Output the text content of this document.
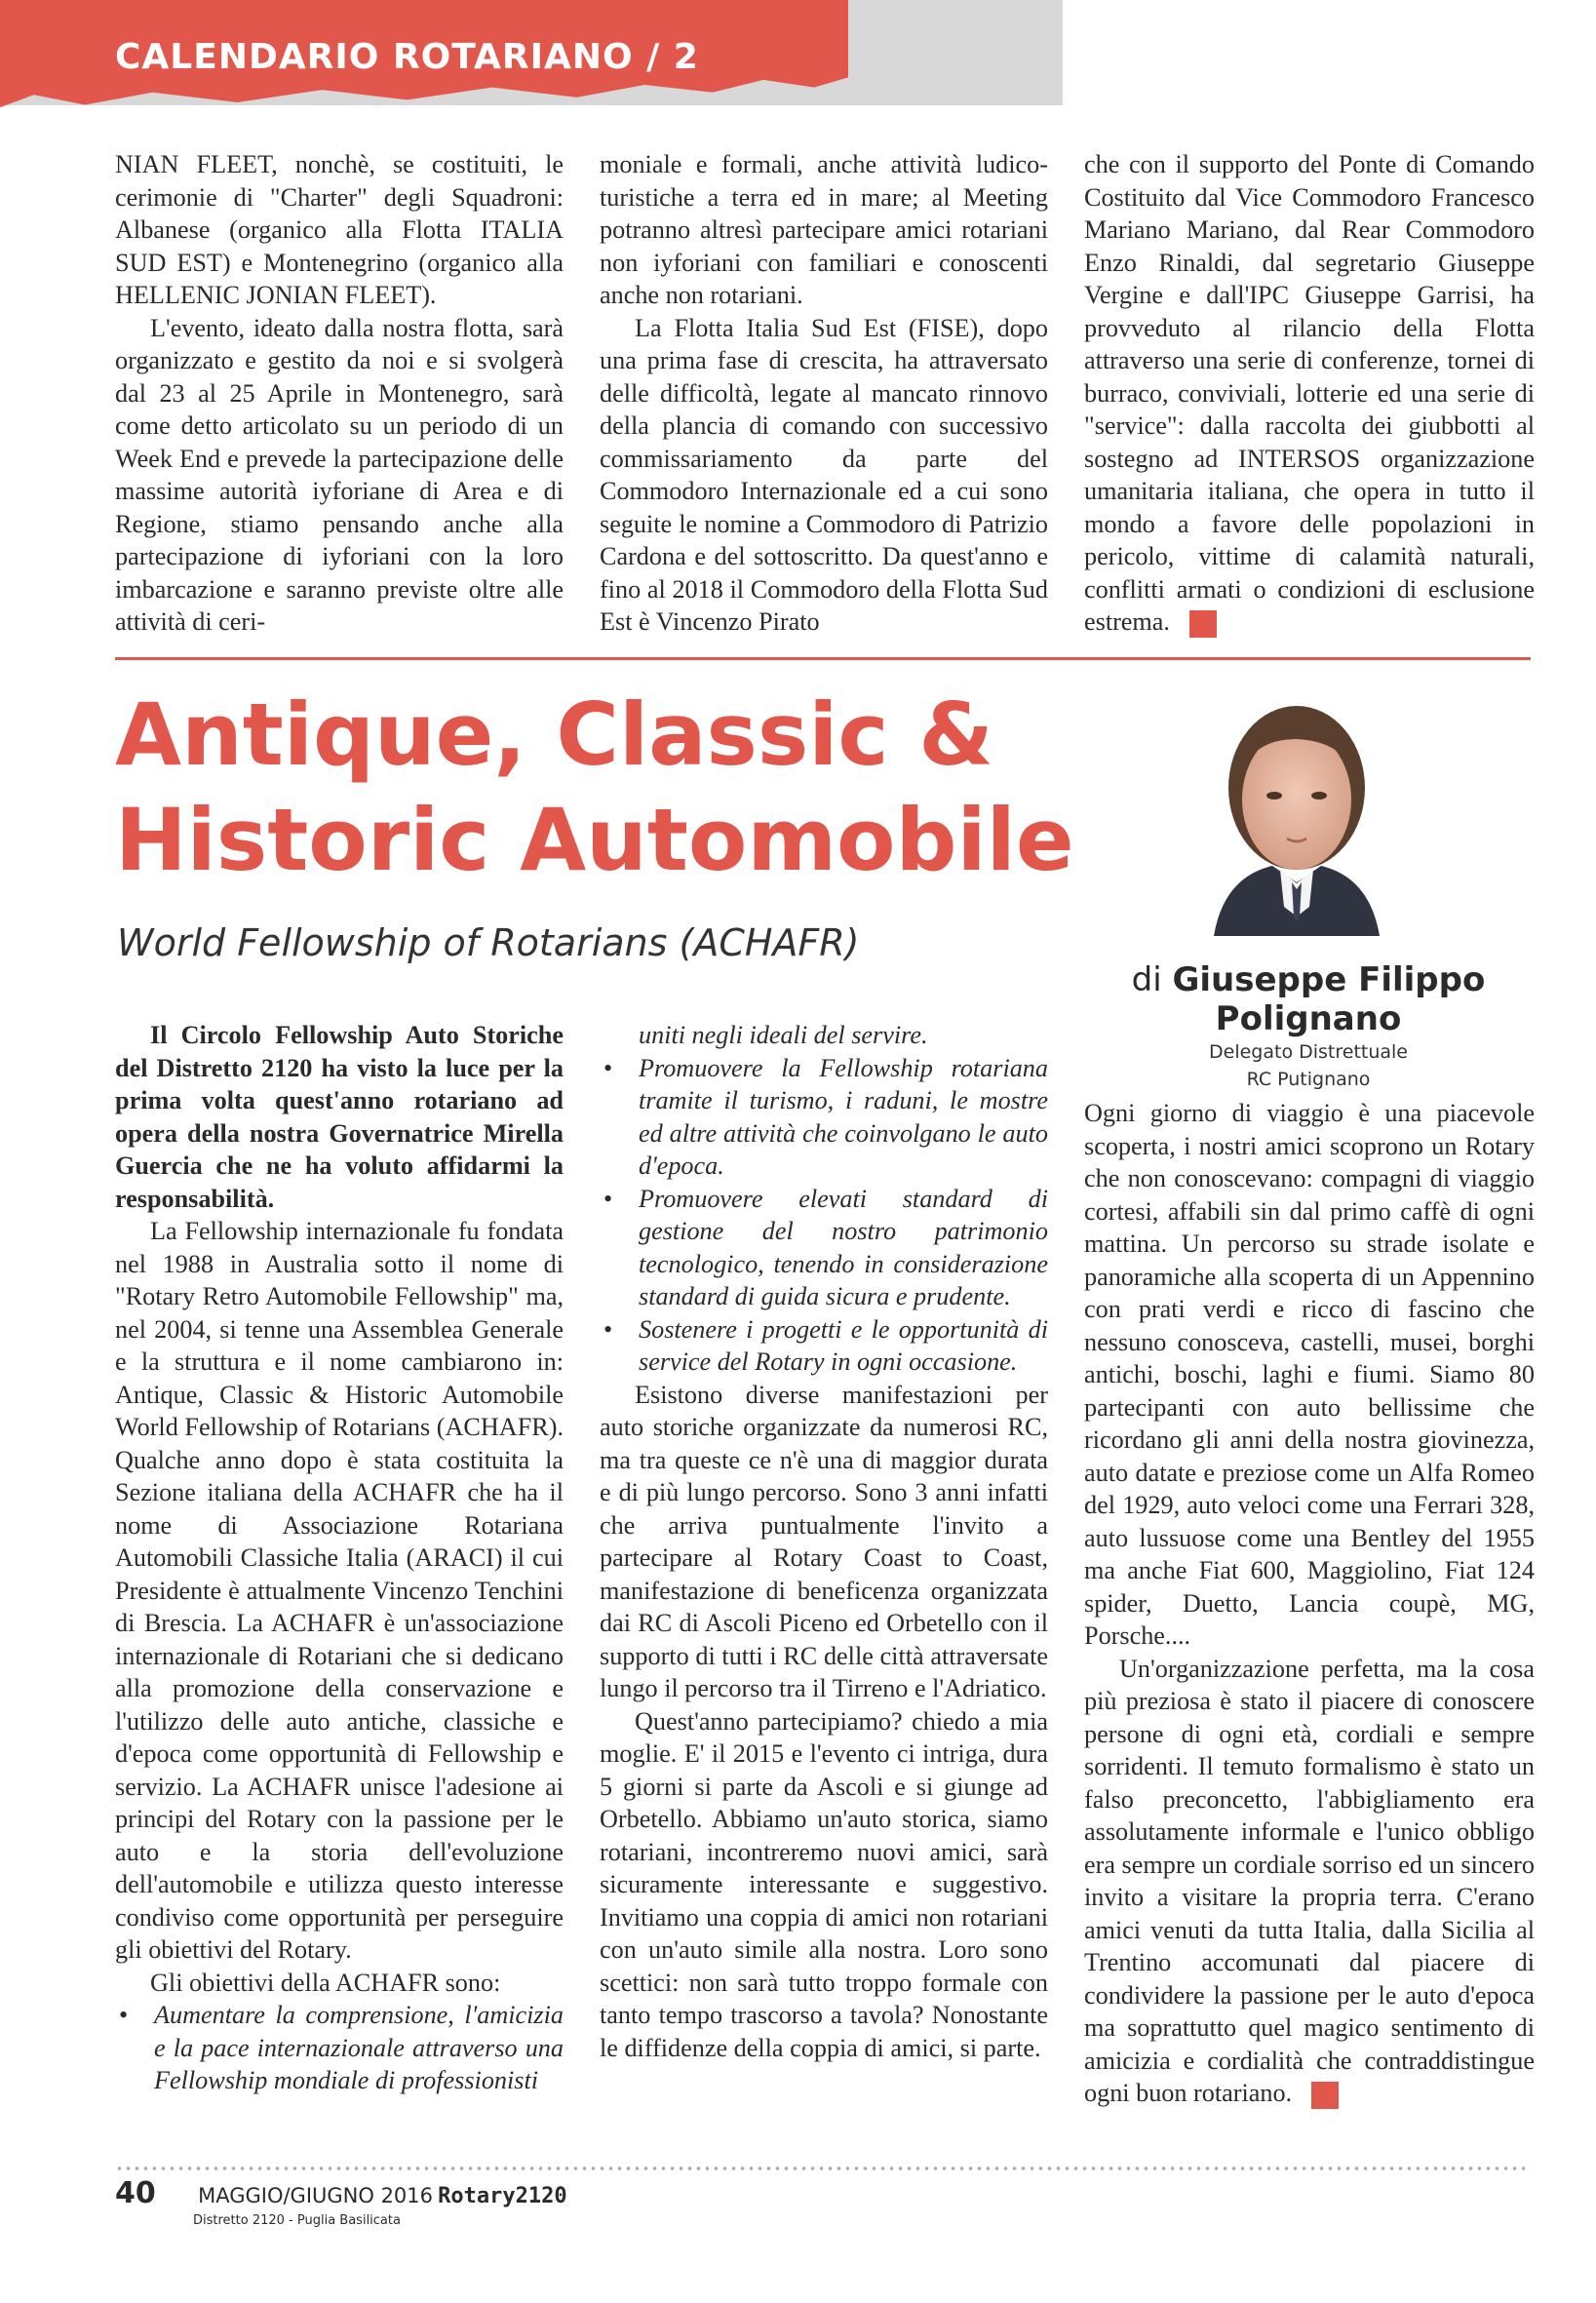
CALENDARIO ROTARIANO / 2

NIAN FLEET, nonchè, se costituiti, le cerimonie di "Charter" degli Squadroni: Albanese (organico alla Flotta ITALIA SUD EST) e Montenegrino (organico alla HELLENIC JONIAN FLEET).

L'evento, ideato dalla nostra flotta, sarà organizzato e gestito da noi e si svolgerà dal 23 al 25 Aprile in Montenegro, sarà come detto articolato su un periodo di un Week End e prevede la partecipazione delle massime autorità iyforiane di Area e di Regione, stiamo pensando anche alla partecipazione di iyforiani con la loro imbarcazione e saranno previste oltre alle attività di ceri-

moniale e formali, anche attività ludico-turistiche a terra ed in mare; al Meeting potranno altresì partecipare amici rotariani non iyforiani con familiari e conoscenti anche non rotariani.

La Flotta Italia Sud Est (FISE), dopo una prima fase di crescita, ha attraversato delle difficoltà, legate al mancato rinnovo della plancia di comando con successivo commissariamento da parte del Commodoro Internazionale ed a cui sono seguite le nomine a Commodoro di Patrizio Cardona e del sottoscritto. Da quest'anno e fino al 2018 il Commodoro della Flotta Sud Est è Vincenzo Pirato

che con il supporto del Ponte di Comando Costituito dal Vice Commodoro Francesco Mariano Mariano, dal Rear Commodoro Enzo Rinaldi, dal segretario Giuseppe Vergine e dall'IPC Giuseppe Garrisi, ha provveduto al rilancio della Flotta attraverso una serie di conferenze, tornei di burraco, conviviali, lotterie ed una serie di "service": dalla raccolta dei giubbotti al sostegno ad INTERSOS organizzazione umanitaria italiana, che opera in tutto il mondo a favore delle popolazioni in pericolo, vittime di calamità naturali, conflitti armati o condizioni di esclusione estrema.

Antique, Classic & Historic Automobile
World Fellowship of Rotarians (ACHAFR)
di Giuseppe Filippo Polignano
Delegato Distrettuale
RC Putignano

Il Circolo Fellowship Auto Storiche del Distretto 2120 ha visto la luce per la prima volta quest'anno rotariano ad opera della nostra Governatrice Mirella Guercia che ne ha voluto affidarmi la responsabilità.

La Fellowship internazionale fu fondata nel 1988 in Australia sotto il nome di "Rotary Retro Automobile Fellowship" ma, nel 2004, si tenne una Assemblea Generale e la struttura e il nome cambiarono in: Antique, Classic & Historic Automobile World Fellowship of Rotarians (ACHAFR). Qualche anno dopo è stata costituita la Sezione italiana della ACHAFR che ha il nome di Associazione Rotariana Automobili Classiche Italia (ARACI) il cui Presidente è attualmente Vincenzo Tenchini di Brescia. La ACHAFR è un'associazione internazionale di Rotariani che si dedicano alla promozione della conservazione e l'utilizzo delle auto antiche, classiche e d'epoca come opportunità di Fellowship e servizio. La ACHAFR unisce l'adesione ai principi del Rotary con la passione per le auto e la storia dell'evoluzione dell'automobile e utilizza questo interesse condiviso come opportunità per perseguire gli obiettivi del Rotary.

Gli obiettivi della ACHAFR sono:

• Aumentare la comprensione, l'amicizia e la pace internazionale attraverso una Fellowship mondiale di professionisti
uniti negli ideali del servire.
• Promuovere la Fellowship rotariana tramite il turismo, i raduni, le mostre ed altre attività che coinvolgano le auto d'epoca.
• Promuovere elevati standard di gestione del nostro patrimonio tecnologico, tenendo in considerazione standard di guida sicura e prudente.
• Sostenere i progetti e le opportunità di service del Rotary in ogni occasione.

Esistono diverse manifestazioni per auto storiche organizzate da numerosi RC, ma tra queste ce n'è una di maggior durata e di più lungo percorso. Sono 3 anni infatti che arriva puntualmente l'invito a partecipare al Rotary Coast to Coast, manifestazione di beneficenza organizzata dai RC di Ascoli Piceno ed Orbetello con il supporto di tutti i RC delle città attraversate lungo il percorso tra il Tirreno e l'Adriatico.

Quest'anno partecipiamo? chiedo a mia moglie. E' il 2015 e l'evento ci intriga, dura 5 giorni si parte da Ascoli e si giunge ad Orbetello. Abbiamo un'auto storica, siamo rotariani, incontreremo nuovi amici, sarà sicuramente interessante e suggestivo. Invitiamo una coppia di amici non rotariani con un'auto simile alla nostra. Loro sono scettici: non sarà tutto troppo formale con tanto tempo trascorso a tavola? Nonostante le diffidenze della coppia di amici, si parte.

Ogni giorno di viaggio è una piacevole scoperta, i nostri amici scoprono un Rotary che non conoscevano: compagni di viaggio cortesi, affabili sin dal primo caffè di ogni mattina. Un percorso su strade isolate e panoramiche alla scoperta di un Appennino con prati verdi e ricco di fascino che nessuno conosceva, castelli, musei, borghi antichi, boschi, laghi e fiumi. Siamo 80 partecipanti con auto bellissime che ricordano gli anni della nostra giovinezza, auto datate e preziose come un Alfa Romeo del 1929, auto veloci come una Ferrari 328, auto lussuose come una Bentley del 1955 ma anche Fiat 600, Maggiolino, Fiat 124 spider, Duetto, Lancia coupè, MG, Porsche....

Un'organizzazione perfetta, ma la cosa più preziosa è stato il piacere di conoscere persone di ogni età, cordiali e sempre sorridenti. Il temuto formalismo è stato un falso preconcetto, l'abbigliamento era assolutamente informale e l'unico obbligo era sempre un cordiale sorriso ed un sincero invito a visitare la propria terra. C'erano amici venuti da tutta Italia, dalla Sicilia al Trentino accomunati dal piacere di condividere la passione per le auto d'epoca ma soprattutto quel magico sentimento di amicizia e cordialità che contraddistingue ogni buon rotariano.

40 MAGGIO/GIUGNO 2016 Rotary2120
Distretto 2120 - Puglia Basilicata
